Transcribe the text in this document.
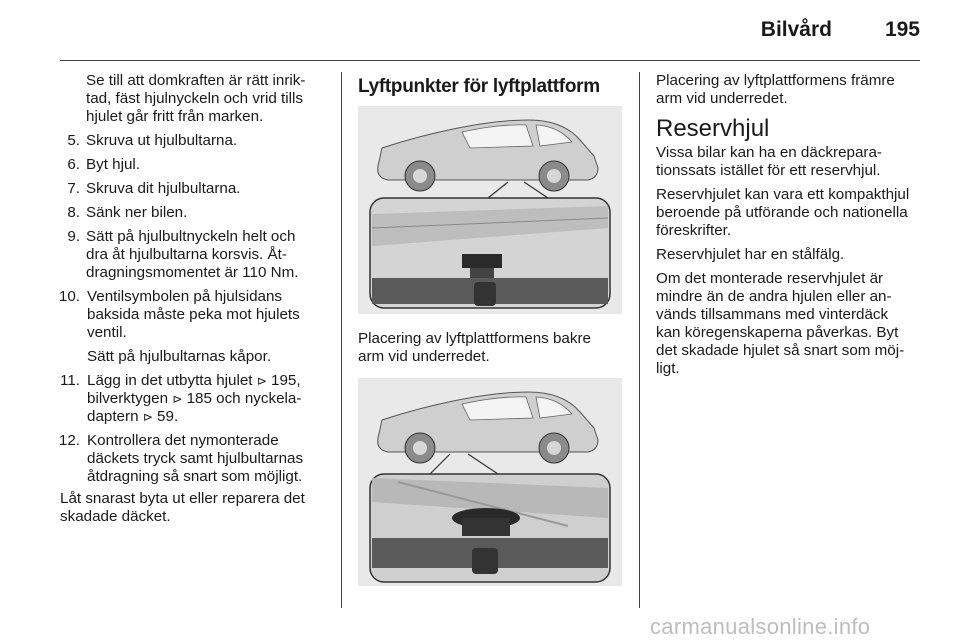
Bilvård	195
Se till att domkraften är rätt inrik-
tad, fäst hjulnyckeln och vrid tills
hjulet går fritt från marken.
5. Skruva ut hjulbultarna.
6. Byt hjul.
7. Skruva dit hjulbultarna.
8. Sänk ner bilen.
9. Sätt på hjulbultnyckeln helt och
dra åt hjulbultarna korsvis. Åt-
dragningsmomentet är 110 Nm.
10. Ventilsymbolen på hjulsidans
baksida måste peka mot hjulets
ventil.
Sätt på hjulbultarnas kåpor.
11. Lägg in det utbytta hjulet ⊳ 195,
bilverktygen ⊳ 185 och nyckela-
daptern ⊳ 59.
12. Kontrollera det nymonterade
däckets tryck samt hjulbultarnas
åtdragning så snart som möjligt.
Låt snarast byta ut eller reparera det
skadade däcket.
Lyftpunkter för lyftplattform
Placering av lyftplattformens bakre
arm vid underredet.
Placering av lyftplattformens främre
arm vid underredet.
Reservhjul
Vissa bilar kan ha en däckrepara-
tionssats istället för ett reservhjul.
Reservhjulet kan vara ett kompakthjul
beroende på utförande och nationella
föreskrifter.
Reservhjulet har en stålfälg.
Om det monterade reservhjulet är
mindre än de andra hjulen eller an-
vänds tillsammans med vinterdäck
kan köregenskaperna påverkas. Byt
det skadade hjulet så snart som möj-
ligt.
carmanualsonline.info
